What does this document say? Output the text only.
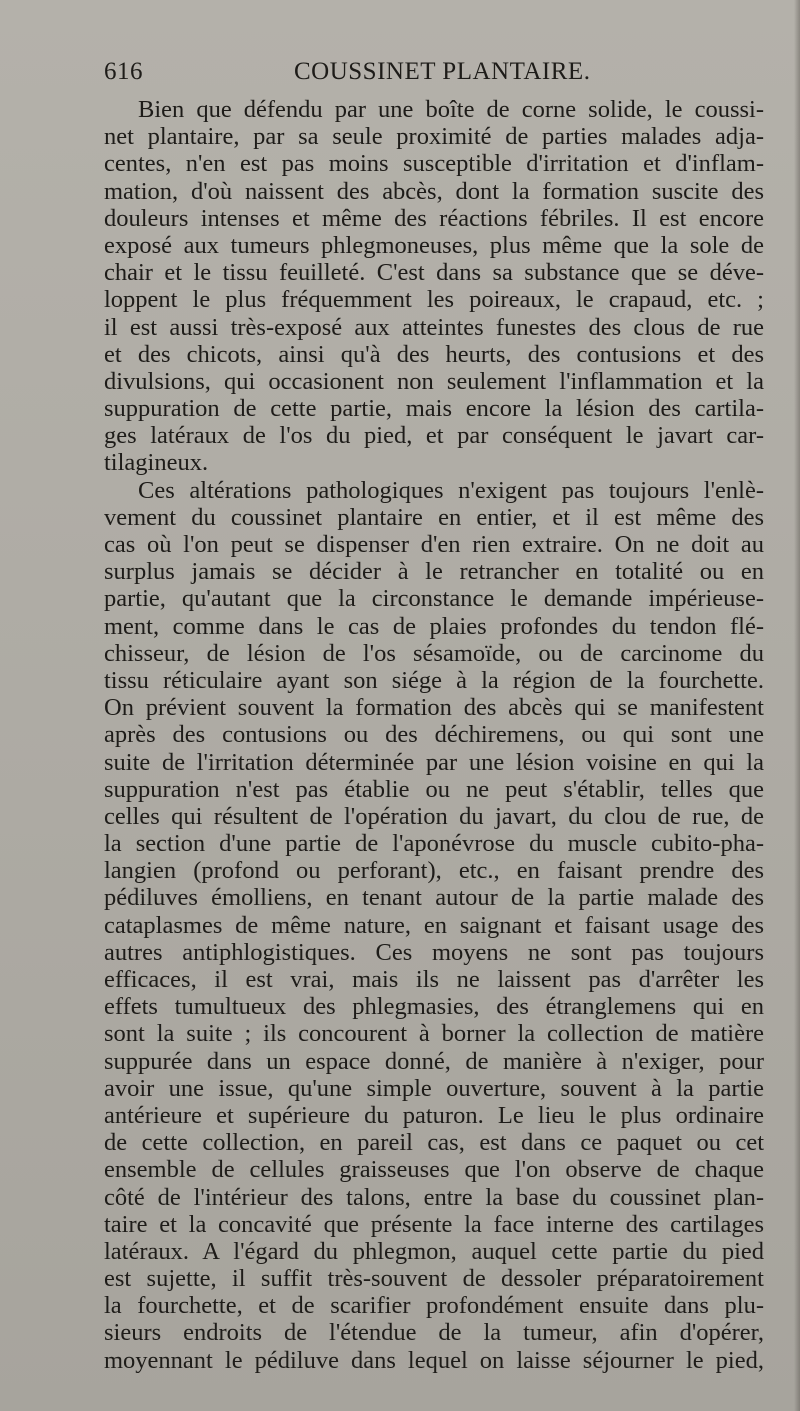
616	COUSSINET PLANTAIRE.
Bien que défendu par une boîte de corne solide, le coussi-
net plantaire, par sa seule proximité de parties malades adja-
centes, n'en est pas moins susceptible d'irritation et d'inflam-
mation, d'où naissent des abcès, dont la formation suscite des
douleurs intenses et même des réactions fébriles. Il est encore
exposé aux tumeurs phlegmoneuses, plus même que la sole de
chair et le tissu feuilleté. C'est dans sa substance que se déve-
loppent le plus fréquemment les poireaux, le crapaud, etc. ;
il est aussi très-exposé aux atteintes funestes des clous de rue
et des chicots, ainsi qu'à des heurts, des contusions et des
divulsions, qui occasionent non seulement l'inflammation et la
suppuration de cette partie, mais encore la lésion des cartila-
ges latéraux de l'os du pied, et par conséquent le javart car-
tilagineux.
Ces altérations pathologiques n'exigent pas toujours l'enlè-
vement du coussinet plantaire en entier, et il est même des
cas où l'on peut se dispenser d'en rien extraire. On ne doit au
surplus jamais se décider à le retrancher en totalité ou en
partie, qu'autant que la circonstance le demande impérieuse-
ment, comme dans le cas de plaies profondes du tendon flé-
chisseur, de lésion de l'os sésamoïde, ou de carcinome du
tissu réticulaire ayant son siége à la région de la fourchette.
On prévient souvent la formation des abcès qui se manifestent
après des contusions ou des déchiremens, ou qui sont une
suite de l'irritation déterminée par une lésion voisine en qui la
suppuration n'est pas établie ou ne peut s'établir, telles que
celles qui résultent de l'opération du javart, du clou de rue, de
la section d'une partie de l'aponévrose du muscle cubito-pha-
langien (profond ou perforant), etc., en faisant prendre des
pédiluves émolliens, en tenant autour de la partie malade des
cataplasmes de même nature, en saignant et faisant usage des
autres antiphlogistiques. Ces moyens ne sont pas toujours
efficaces, il est vrai, mais ils ne laissent pas d'arrêter les
effets tumultueux des phlegmasies, des étranglemens qui en
sont la suite ; ils concourent à borner la collection de matière
suppurée dans un espace donné, de manière à n'exiger, pour
avoir une issue, qu'une simple ouverture, souvent à la partie
antérieure et supérieure du paturon. Le lieu le plus ordinaire
de cette collection, en pareil cas, est dans ce paquet ou cet
ensemble de cellules graisseuses que l'on observe de chaque
côté de l'intérieur des talons, entre la base du coussinet plan-
taire et la concavité que présente la face interne des cartilages
latéraux. A l'égard du phlegmon, auquel cette partie du pied
est sujette, il suffit très-souvent de dessoler préparatoirement
la fourchette, et de scarifier profondément ensuite dans plu-
sieurs endroits de l'étendue de la tumeur, afin d'opérer,
moyennant le pédiluve dans lequel on laisse séjourner le pied,
